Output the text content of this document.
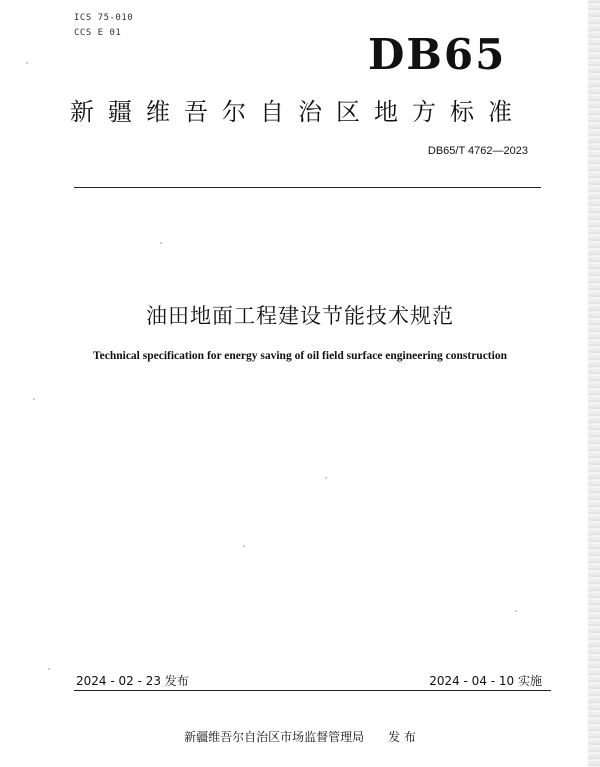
ICS 75-010
CCS E 01	DB65
新疆维吾尔自治区地方标准
DB65/T 4762—2023
油田地面工程建设节能技术规范
Technical specification for energy saving of oil field surface engineering construction
2024 - 02 - 23 发布	2024 - 04 - 10 实施
新疆维吾尔自治区市场监督管理局　　发 布
